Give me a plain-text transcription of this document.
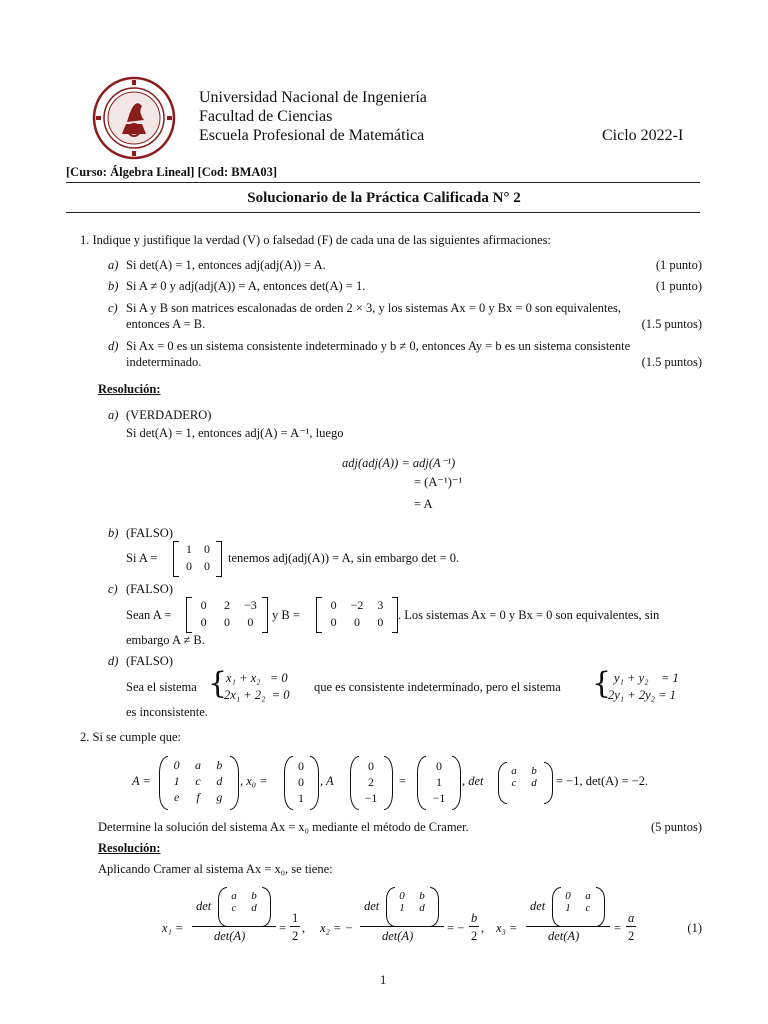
Universidad Nacional de Ingeniería
Facultad de Ciencias
Escuela Profesional de Matemática	Ciclo 2022-I
[Curso: Álgebra Lineal] [Cod: BMA03]
Solucionario de la Práctica Calificada N° 2
1. Indique y justifique la verdad (V) o falsedad (F) de cada una de las siguientes afirmaciones:
a) Si det(A) = 1, entonces adj(adj(A)) = A.	(1 punto)
b) Si A ≠ 0 y adj(adj(A)) = A, entonces det(A) = 1.	(1 punto)
c) Si A y B son matrices escalonadas de orden 2 × 3, y los sistemas Ax = 0 y Bx = 0 son equivalentes,
entonces A = B.	(1.5 puntos)
d) Si Ax = 0 es un sistema consistente indeterminado y b ≠ 0, entonces Ay = b es un sistema consistente
indeterminado.	(1.5 puntos)
Resolución:
a) (VERDADERO)
Si det(A) = 1, entonces adj(A) = A⁻¹, luego
adj(adj(A)) = adj(A⁻¹)
= (A⁻¹)⁻¹
= A
b) (FALSO)
Si A =
1	0
0	0
tenemos adj(adj(A)) = A, sin embargo det = 0.
c) (FALSO)
Sean A =
0	2	−3
0	0	0	y B =
0	−2	3
0	0	0	. Los sistemas Ax = 0 y Bx = 0 son equivalentes, sin
embargo A ≠ B.
d) (FALSO)
Sea el sistema {
x₁ + x₂   = 0
2x₁ + 2₂  = 0
que es consistente indeterminado, pero el sistema { y₁ + y₂    = 1
2y₁ + 2y₂ = 1
es inconsistente.
2. Si se cumple que:
A =
0	a	b
1	c	d
e	f	g
, x₀ =
0
0
1
, A
0
2
−1
=
0
1
−1
, det
a	b
c	d	= −1, det(A) = −2.
Determine la solución del sistema Ax = x₀ mediante el método de Cramer.	(5 puntos)
Resolución:
Aplicando Cramer al sistema Ax = x₀, se tiene:
x₁ =
det
a	b
c	d
det(A)
=
1
2
, x₂ = −
det
0	b
1	d
det(A)
= −
b
2
, x₃ =
det
0	a
1	c
det(A)
=
a
2
(1)
1
